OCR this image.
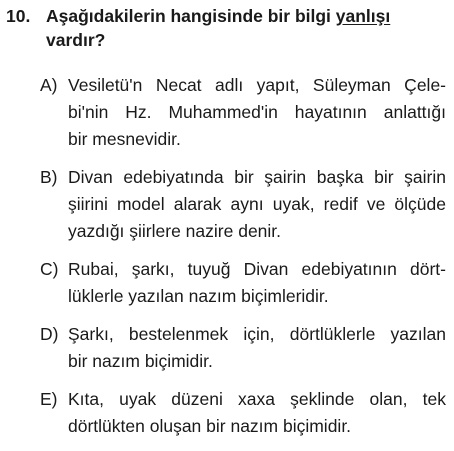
10. Aşağıdakilerin hangisinde bir bilgi yanlışı
vardır?
A) Vesiletü'n Necat adlı yapıt, Süleyman Çele-
bi'nin Hz. Muhammed'in hayatının anlattığı
bir mesnevidir.
B) Divan edebiyatında bir şairin başka bir şairin
şiirini model alarak aynı uyak, redif ve ölçüde
yazdığı şiirlere nazire denir.
C) Rubai, şarkı, tuyuğ Divan edebiyatının dört-
lüklerle yazılan nazım biçimleridir.
D) Şarkı, bestelenmek için, dörtlüklerle yazılan
bir nazım biçimidir.
E) Kıta, uyak düzeni xaxa şeklinde olan, tek
dörtlükten oluşan bir nazım biçimidir.
